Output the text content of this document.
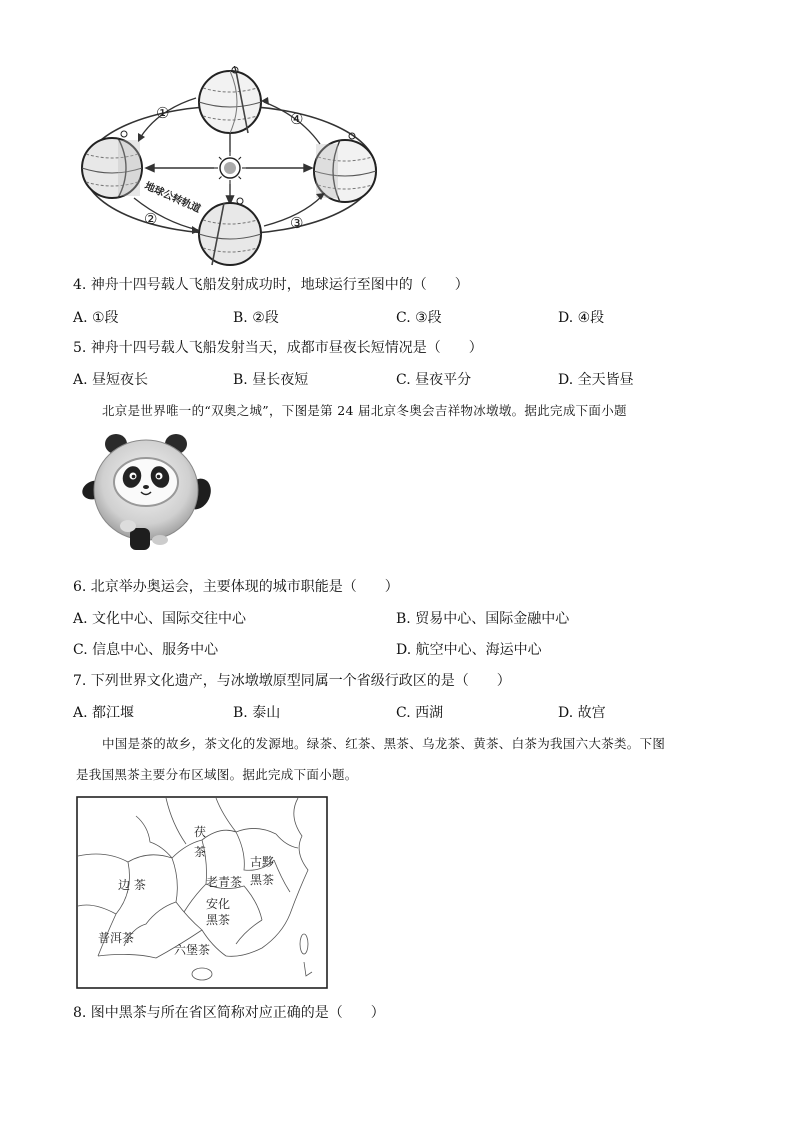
①
②	③
④
地球公转轨道
4. 神舟十四号载人飞船发射成功时，地球运行至图中的（　　）
A. ①段	B. ②段	C. ③段	D. ④段
5. 神舟十四号载人飞船发射当天，成都市昼夜长短情况是（　　）
A. 昼短夜长	B. 昼长夜短	C. 昼夜平分	D. 全天皆昼
北京是世界唯一的“双奥之城”，下图是第 24 届北京冬奥会吉祥物冰墩墩。据此完成下面小题
6. 北京举办奥运会，主要体现的城市职能是（　　）
A. 文化中心、国际交往中心	B. 贸易中心、国际金融中心
C. 信息中心、服务中心	D. 航空中心、海运中心
7. 下列世界文化遗产，与冰墩墩原型同属一个省级行政区的是（　　）
A. 都江堰	B. 泰山	C. 西湖	D. 故宫
中国是茶的故乡，茶文化的发源地。绿茶、红茶、黑茶、乌龙茶、黄茶、白茶为我国六大茶类。下图
是我国黑茶主要分布区域图。据此完成下面小题。
边 茶
茯
茶
老青茶
古黟
黑茶
安化
黑茶
普洱茶
六堡茶
8. 图中黑茶与所在省区简称对应正确的是（　　）
